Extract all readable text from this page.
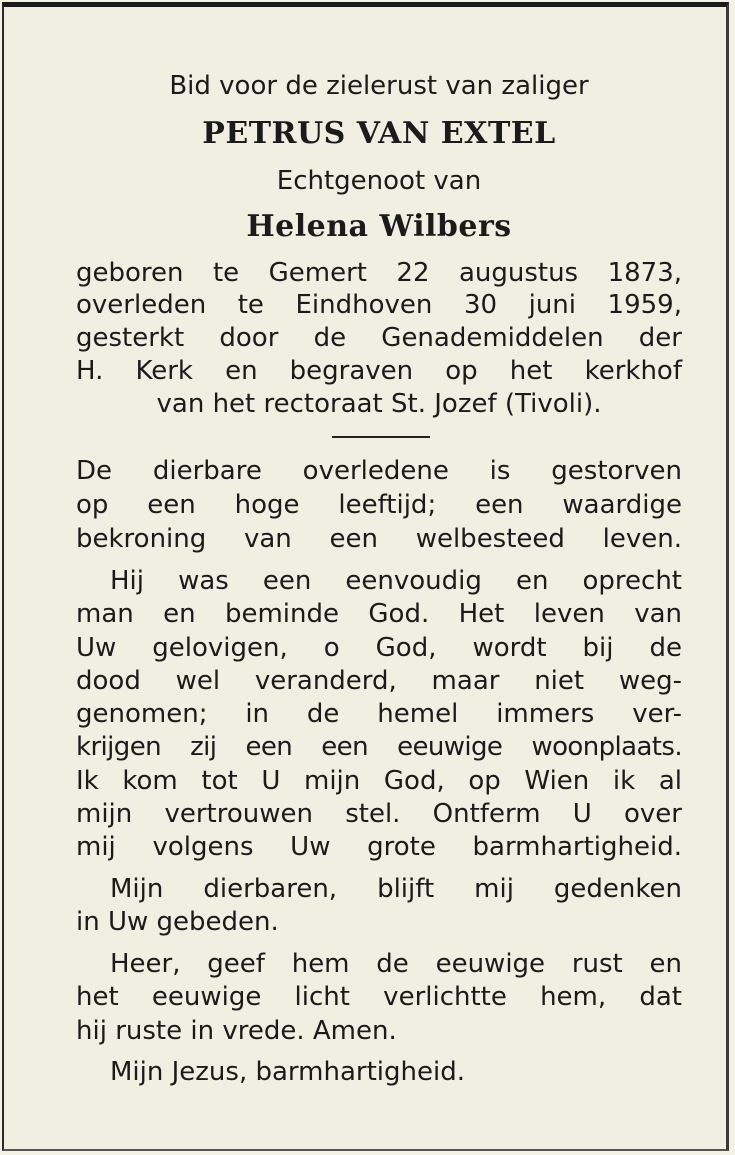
Bid voor de zielerust van zaliger
PETRUS VAN EXTEL
Echtgenoot van
Helena Wilbers
geboren te Gemert 22 augustus 1873,
overleden te Eindhoven 30 juni 1959,
gesterkt door de Genademiddelen der
H. Kerk en begraven op het kerkhof
van het rectoraat St. Jozef (Tivoli).
De dierbare overledene is gestorven
op een hoge leeftijd; een waardige
bekroning van een welbesteed leven.
Hij was een eenvoudig en oprecht
man en beminde God. Het leven van
Uw gelovigen, o God, wordt bij de
dood wel veranderd, maar niet weg-
genomen; in de hemel immers ver-
krijgen zij een een eeuwige woonplaats.
Ik kom tot U mijn God, op Wien ik al
mijn vertrouwen stel. Ontferm U over
mij volgens Uw grote barmhartigheid.
Mijn dierbaren, blijft mij gedenken
in Uw gebeden.
Heer, geef hem de eeuwige rust en
het eeuwige licht verlichtte hem, dat
hij ruste in vrede. Amen.
Mijn Jezus, barmhartigheid.
